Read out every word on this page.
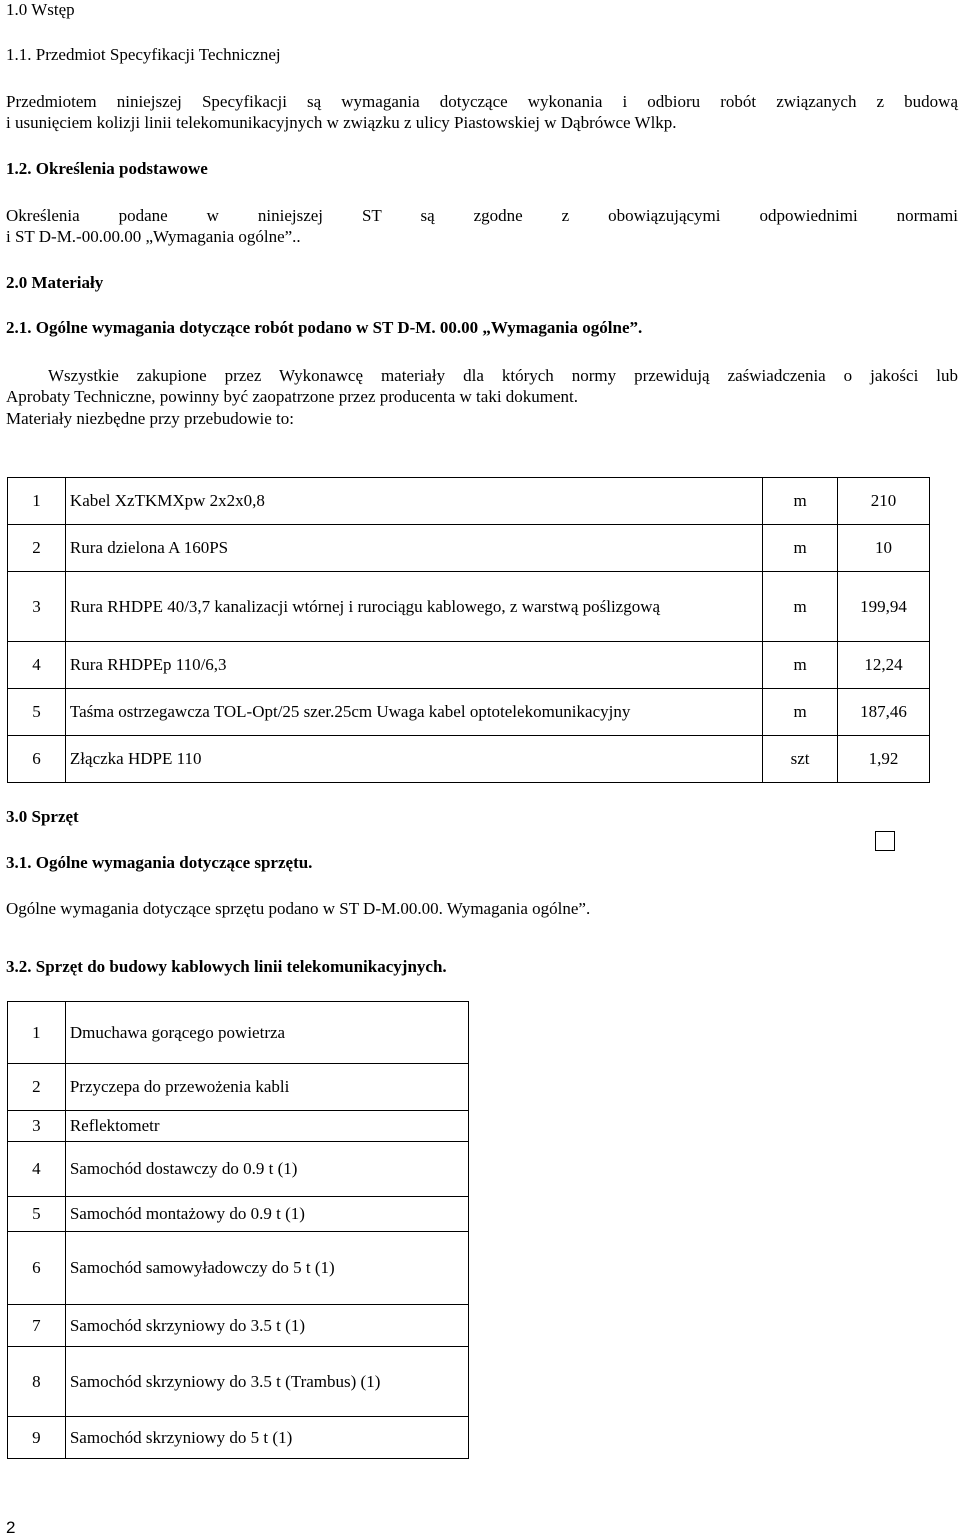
1.0 Wstęp
1.1. Przedmiot Specyfikacji Technicznej
Przedmiotem niniejszej Specyfikacji są wymagania dotyczące wykonania i odbioru robót związanych z budową
i usunięciem kolizji linii telekomunikacyjnych w związku z ulicy Piastowskiej w Dąbrówce Wlkp.
1.2. Określenia podstawowe
Określenia podane w niniejszej ST są zgodne z obowiązującymi odpowiednimi normami
i ST D-M.-00.00.00 „Wymagania ogólne”..
2.0 Materiały
2.1. Ogólne wymagania dotyczące robót podano w ST D-M. 00.00 „Wymagania ogólne”.
Wszystkie zakupione przez Wykonawcę materiały dla których normy przewidują zaświadczenia o jakości lub
Aprobaty Techniczne, powinny być zaopatrzone przez producenta w taki dokument.
Materiały niezbędne przy przebudowie to:
1	Kabel XzTKMXpw 2x2x0,8	m	210
2	Rura dzielona A 160PS	m	10
3	Rura RHDPE 40/3,7 kanalizacji wtórnej i rurociągu kablowego, z warstwą poślizgową	m	199,94
4	Rura RHDPEp 110/6,3	m	12,24
5	Taśma ostrzegawcza TOL-Opt/25 szer.25cm Uwaga kabel optotelekomunikacyjny	m	187,46
6	Złączka HDPE 110	szt	1,92
3.0 Sprzęt
3.1. Ogólne wymagania dotyczące sprzętu.
Ogólne wymagania dotyczące sprzętu podano w ST D-M.00.00. Wymagania ogólne”.
3.2. Sprzęt do budowy kablowych linii telekomunikacyjnych.
1	Dmuchawa gorącego powietrza
2	Przyczepa do przewożenia kabli
3	Reflektometr
4	Samochód dostawczy do 0.9 t (1)
5	Samochód montażowy do 0.9 t (1)
6	Samochód samowyładowczy do 5 t (1)
7	Samochód skrzyniowy do 3.5 t (1)
8	Samochód skrzyniowy do 3.5 t (Trambus) (1)
9	Samochód skrzyniowy do 5 t (1)
2
